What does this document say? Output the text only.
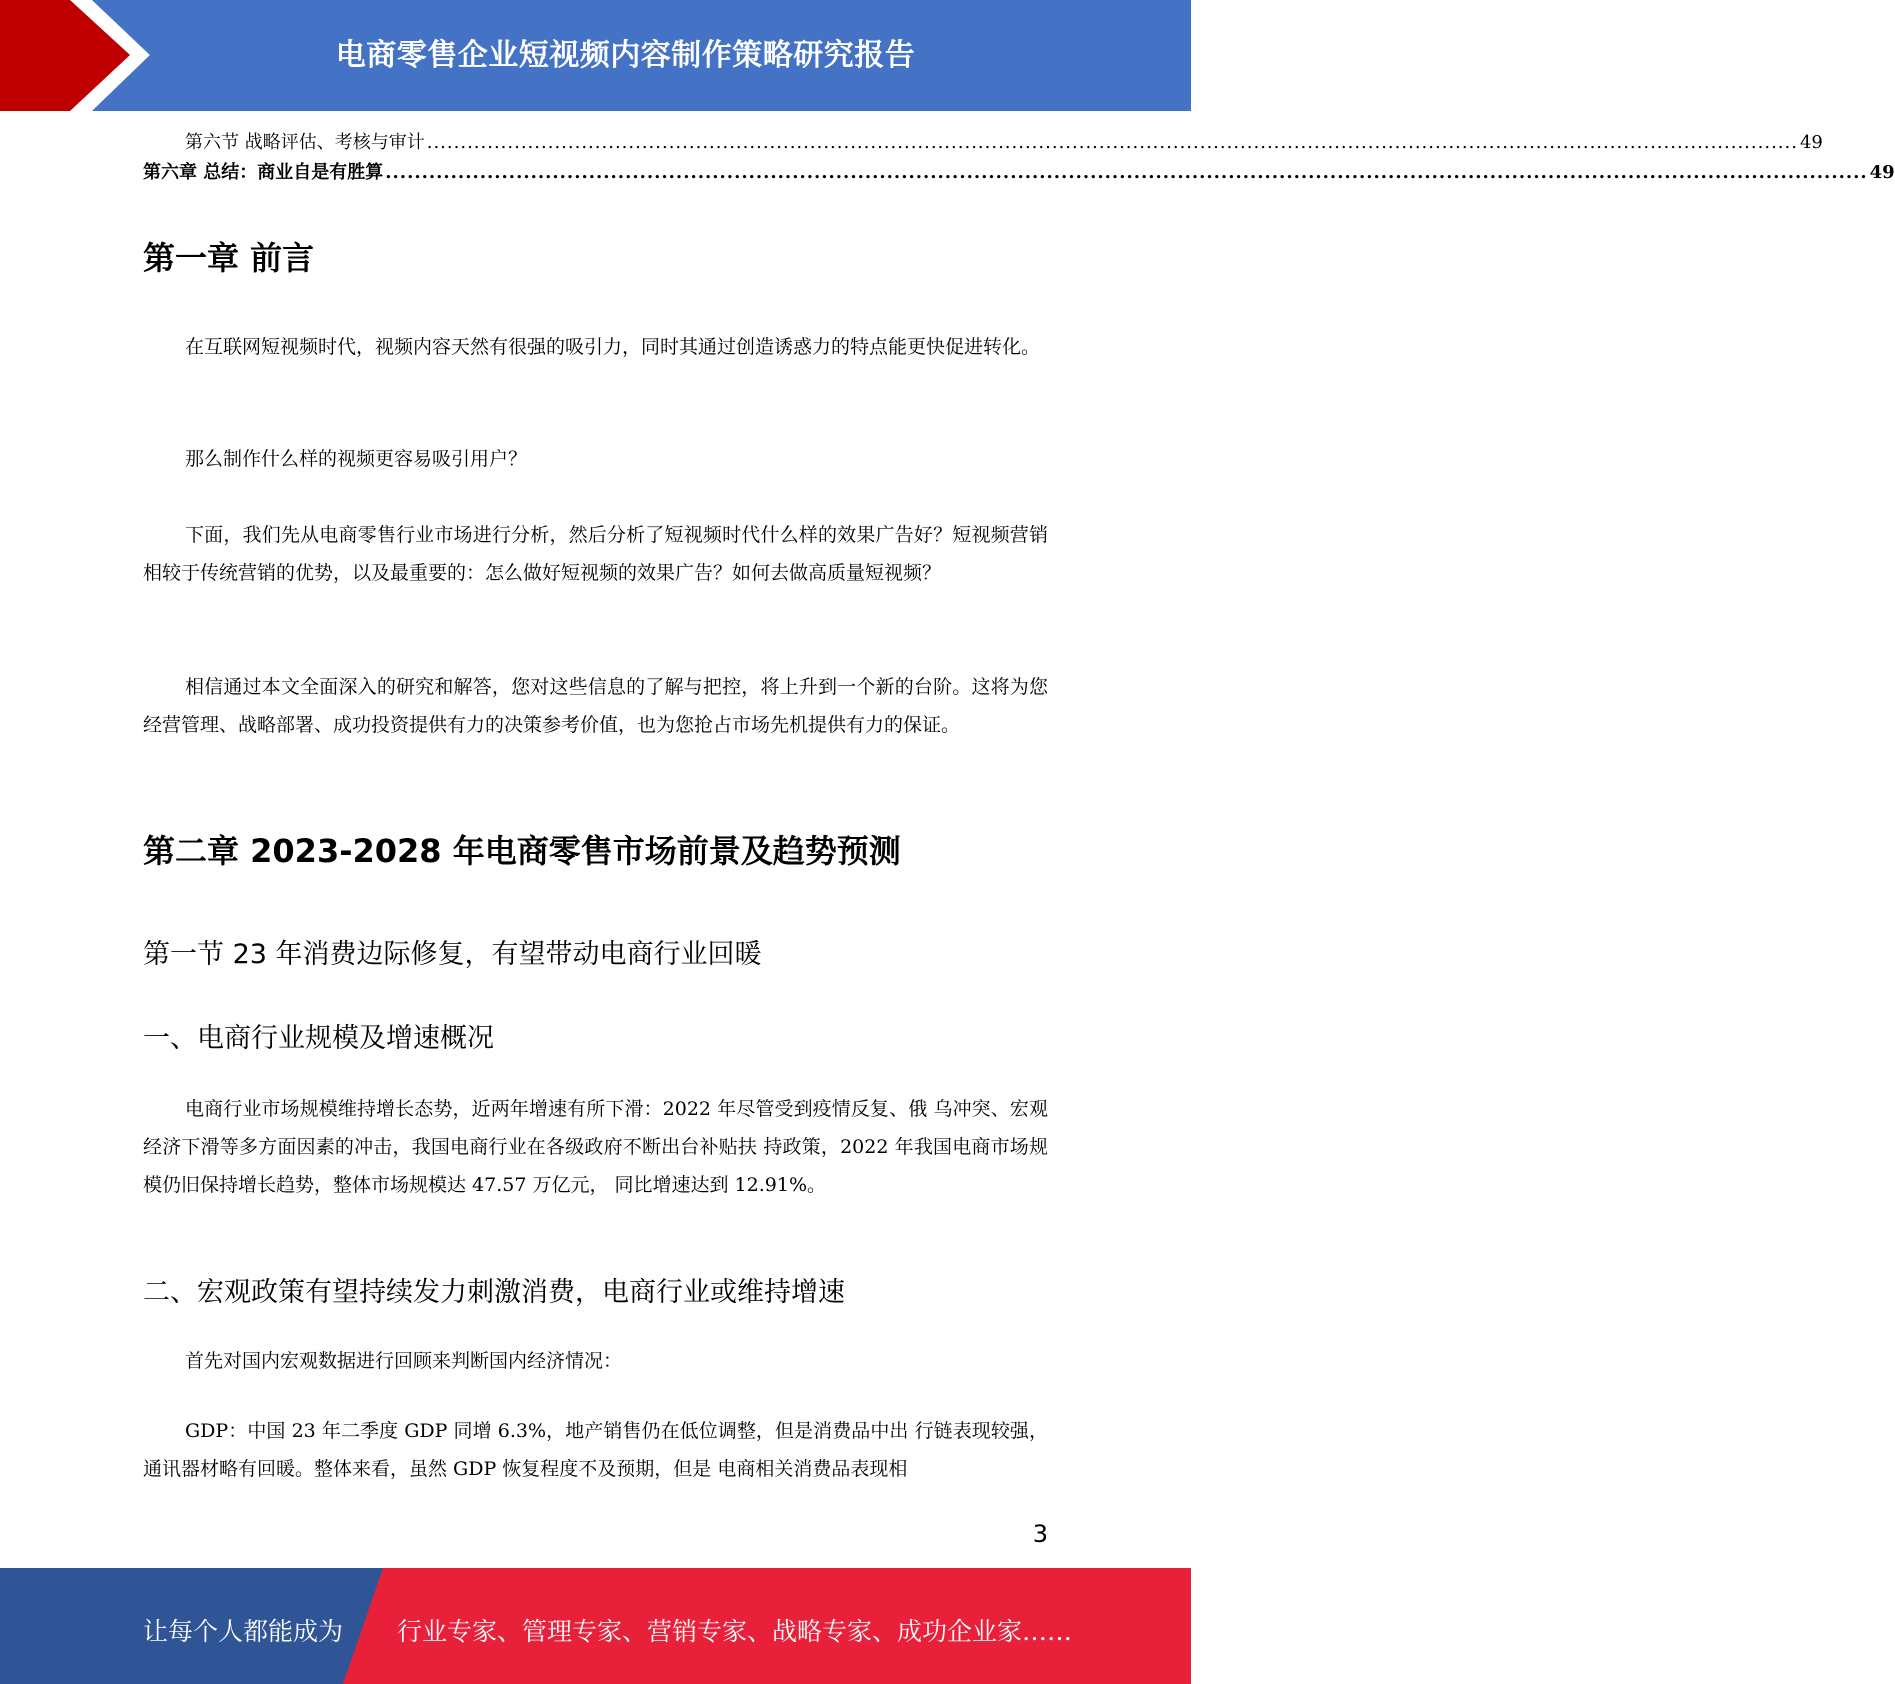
电商零售企业短视频内容制作策略研究报告
第六节 战略评估、考核与审计 ............................................................................................................................................................................................................ 49
第六章 总结：商业自是有胜算 ............................................................................................................................................................................................................ 49
第一章 前言

在互联网短视频时代，视频内容天然有很强的吸引力，同时其通过创造诱惑力的特点能更快促进转化。

那么制作什么样的视频更容易吸引用户？

下面，我们先从电商零售行业市场进行分析，然后分析了短视频时代什么样的效果广告好？短视频营销相较于传统营销的优势，以及最重要的：怎么做好短视频的效果广告？如何去做高质量短视频？

相信通过本文全面深入的研究和解答，您对这些信息的了解与把控，将上升到一个新的台阶。这将为您经营管理、战略部署、成功投资提供有力的决策参考价值，也为您抢占市场先机提供有力的保证。

第二章 2023-2028 年电商零售市场前景及趋势预测
第一节 23 年消费边际修复，有望带动电商行业回暖
一、电商行业规模及增速概况

电商行业市场规模维持增长态势，近两年增速有所下滑：2022 年尽管受到疫情反复、俄 乌冲突、宏观经济下滑等多方面因素的冲击，我国电商行业在各级政府不断出台补贴扶 持政策，2022 年我国电商市场规模仍旧保持增长趋势，整体市场规模达 47.57 万亿元， 同比增速达到 12.91%。

二、宏观政策有望持续发力刺激消费，电商行业或维持增速

首先对国内宏观数据进行回顾来判断国内经济情况：

GDP：中国 23 年二季度 GDP 同增 6.3%，地产销售仍在低位调整，但是消费品中出 行链表现较强，通讯器材略有回暖。整体来看，虽然 GDP 恢复程度不及预期，但是 电商相关消费品表现相

3
让每个人都能成为 行业专家、管理专家、营销专家、战略专家、成功企业家……
